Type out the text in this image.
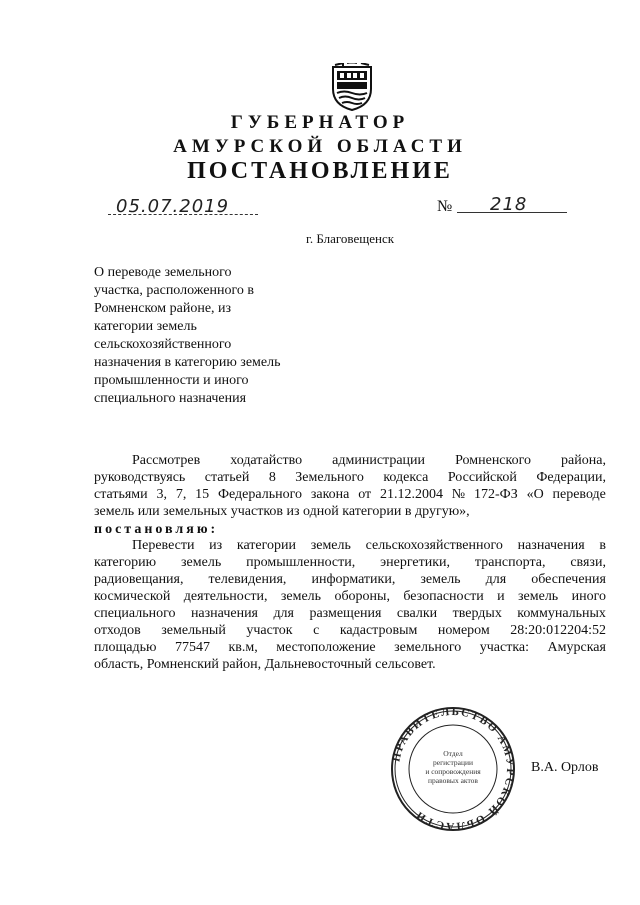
ГУБЕРНАТОР
АМУРСКОЙ ОБЛАСТИ
ПОСТАНОВЛЕНИЕ
05.07.2019	№ 218
г. Благовещенск
О переводе земельного
участка, расположенного в
Ромненском районе, из
категории земель
сельскохозяйственного
назначения в категорию земель
промышленности и иного
специального назначения
Рассмотрев ходатайство администрации Ромненского района,
руководствуясь статьей 8 Земельного кодекса Российской Федерации,
статьями 3, 7, 15 Федерального закона от 21.12.2004 № 172-ФЗ «О переводе
земель или земельных участков из одной категории в другую»,
постановляю:
Перевести из категории земель сельскохозяйственного назначения в
категорию земель промышленности, энергетики, транспорта, связи,
радиовещания, телевидения, информатики, земель для обеспечения
космической деятельности, земель обороны, безопасности и земель иного
специального назначения для размещения свалки твердых коммунальных
отходов земельный участок с кадастровым номером 28:20:012204:52
площадью 77547 кв.м, местоположение земельного участка: Амурская
область, Ромненский район, Дальневосточный сельсовет.
ПРАВИТЕЛЬСТВО АМУРСКОЙ ОБЛАСТИ
Отдел
регистрации
и сопровождения
правовых актов
В.А. Орлов
